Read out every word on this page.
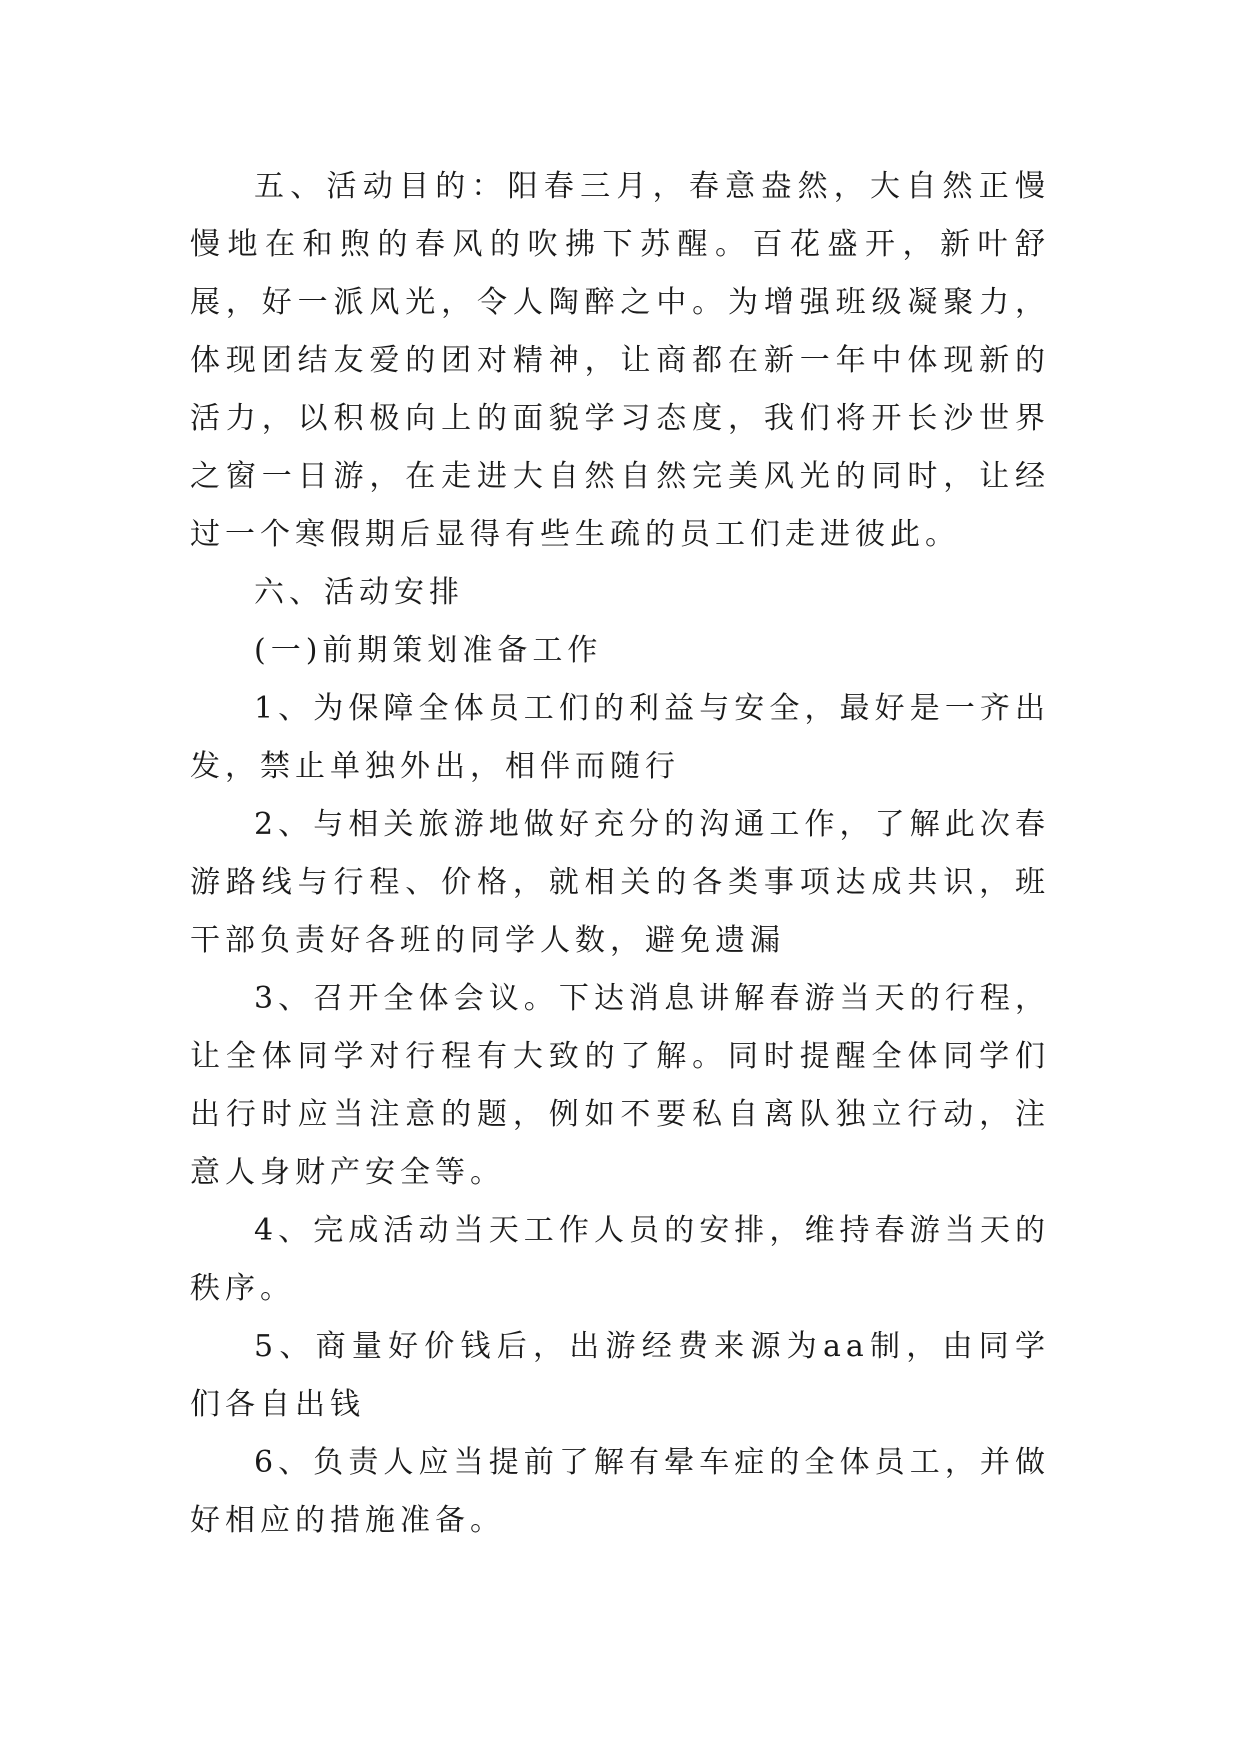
五、活动目的：阳春三月，春意盎然，大自然正慢慢地在和煦的春风的吹拂下苏醒。百花盛开，新叶舒展，好一派风光，令人陶醉之中。为增强班级凝聚力，体现团结友爱的团对精神，让商都在新一年中体现新的活力，以积极向上的面貌学习态度，我们将开长沙世界之窗一日游，在走进大自然自然完美风光的同时，让经过一个寒假期后显得有些生疏的员工们走进彼此。

六、活动安排

(一)前期策划准备工作

1、为保障全体员工们的利益与安全，最好是一齐出发，禁止单独外出，相伴而随行

2、与相关旅游地做好充分的沟通工作，了解此次春游路线与行程、价格，就相关的各类事项达成共识，班干部负责好各班的同学人数，避免遗漏

3、召开全体会议。下达消息讲解春游当天的行程，让全体同学对行程有大致的了解。同时提醒全体同学们出行时应当注意的题，例如不要私自离队独立行动，注意人身财产安全等。

4、完成活动当天工作人员的安排，维持春游当天的秩序。

5、商量好价钱后，出游经费来源为aa制，由同学们各自出钱

6、负责人应当提前了解有晕车症的全体员工，并做好相应的措施准备。
